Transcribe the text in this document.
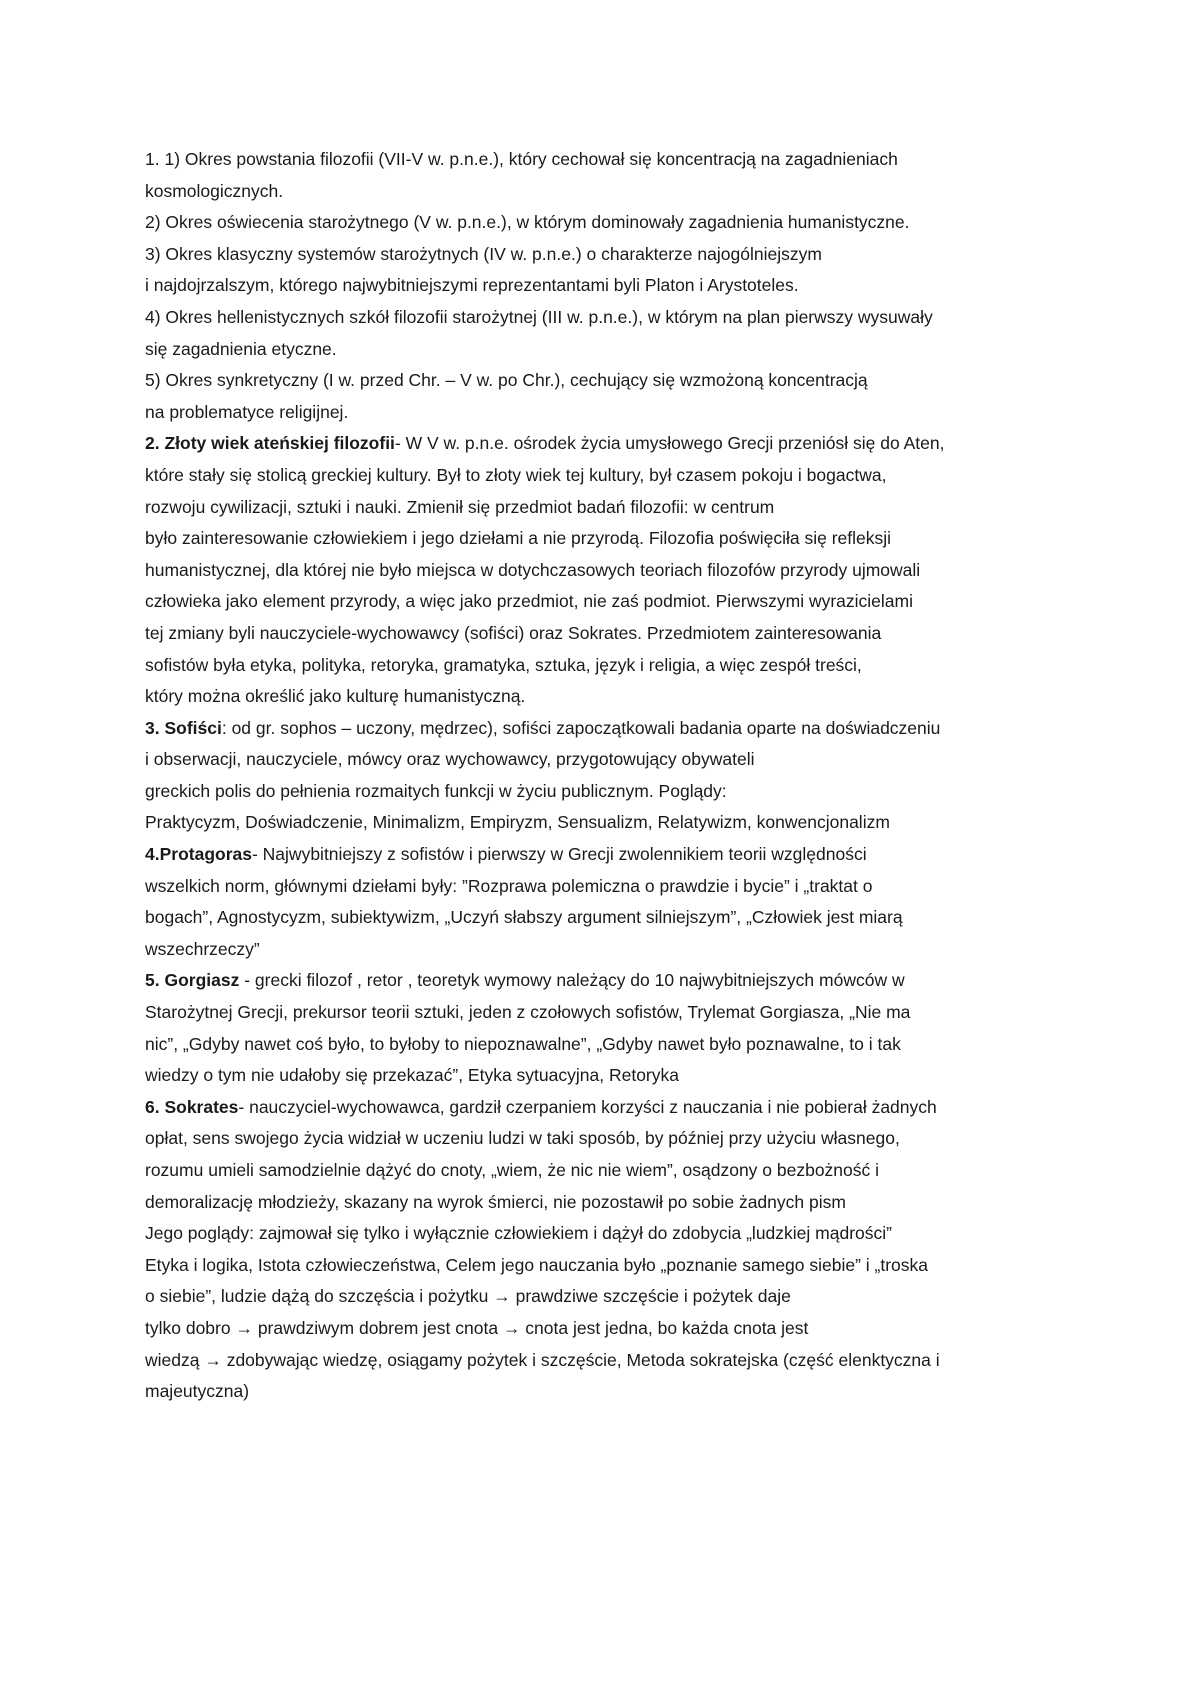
1. 1) Okres powstania filozofii (VII-V w. p.n.e.), który cechował się koncentracją na zagadnieniach
kosmologicznych.
2) Okres oświecenia starożytnego (V w. p.n.e.), w którym dominowały zagadnienia humanistyczne.
3) Okres klasyczny systemów starożytnych (IV w. p.n.e.) o charakterze najogólniejszym
i najdojrzalszym, którego najwybitniejszymi reprezentantami byli Platon i Arystoteles.
4) Okres hellenistycznych szkół filozofii starożytnej (III w. p.n.e.), w którym na plan pierwszy wysuwały
się zagadnienia etyczne.
5) Okres synkretyczny (I w. przed Chr. – V w. po Chr.), cechujący się wzmożoną koncentracją
na problematyce religijnej.
2. Złoty wiek ateńskiej filozofii- W V w. p.n.e. ośrodek życia umysłowego Grecji przeniósł się do Aten,
które stały się stolicą greckiej kultury. Był to złoty wiek tej kultury, był czasem pokoju i bogactwa,
rozwoju cywilizacji, sztuki i nauki. Zmienił się przedmiot badań filozofii: w centrum
było zainteresowanie człowiekiem i jego dziełami a nie przyrodą. Filozofia poświęciła się refleksji
humanistycznej, dla której nie było miejsca w dotychczasowych teoriach filozofów przyrody ujmowali
człowieka jako element przyrody, a więc jako przedmiot, nie zaś podmiot. Pierwszymi wyrazicielami
tej zmiany byli nauczyciele-wychowawcy (sofiści) oraz Sokrates. Przedmiotem zainteresowania
sofistów była etyka, polityka, retoryka, gramatyka, sztuka, język i religia, a więc zespół treści,
który można określić jako kulturę humanistyczną.
3. Sofiści: od gr. sophos – uczony, mędrzec), sofiści zapoczątkowali badania oparte na doświadczeniu
i obserwacji, nauczyciele, mówcy oraz wychowawcy, przygotowujący obywateli
greckich polis do pełnienia rozmaitych funkcji w życiu publicznym. Poglądy:
Praktycyzm, Doświadczenie, Minimalizm, Empiryzm, Sensualizm, Relatywizm, konwencjonalizm
4.Protagoras- Najwybitniejszy z sofistów i pierwszy w Grecji zwolennikiem teorii względności
wszelkich norm, głównymi dziełami były: ”Rozprawa polemiczna o prawdzie i bycie” i „traktat o
bogach”, Agnostycyzm, subiektywizm, „Uczyń słabszy argument silniejszym”, „Człowiek jest miarą
wszechrzeczy”
5. Gorgiasz - grecki filozof , retor , teoretyk wymowy należący do 10 najwybitniejszych mówców w
Starożytnej Grecji, prekursor teorii sztuki, jeden z czołowych sofistów, Trylemat Gorgiasza, „Nie ma
nic”, „Gdyby nawet coś było, to byłoby to niepoznawalne”, „Gdyby nawet było poznawalne, to i tak
wiedzy o tym nie udałoby się przekazać”, Etyka sytuacyjna, Retoryka
6. Sokrates- nauczyciel-wychowawca, gardził czerpaniem korzyści z nauczania i nie pobierał żadnych
opłat, sens swojego życia widział w uczeniu ludzi w taki sposób, by później przy użyciu własnego,
rozumu umieli samodzielnie dążyć do cnoty, „wiem, że nic nie wiem”, osądzony o bezbożność i
demoralizację młodzieży, skazany na wyrok śmierci, nie pozostawił po sobie żadnych pism
Jego poglądy: zajmował się tylko i wyłącznie człowiekiem i dążył do zdobycia „ludzkiej mądrości”
Etyka i logika, Istota człowieczeństwa, Celem jego nauczania było „poznanie samego siebie” i „troska
o siebie”, ludzie dążą do szczęścia i pożytku → prawdziwe szczęście i pożytek daje
tylko dobro → prawdziwym dobrem jest cnota → cnota jest jedna, bo każda cnota jest
wiedzą → zdobywając wiedzę, osiągamy pożytek i szczęście, Metoda sokratejska (część elenktyczna i
majeutyczna)
